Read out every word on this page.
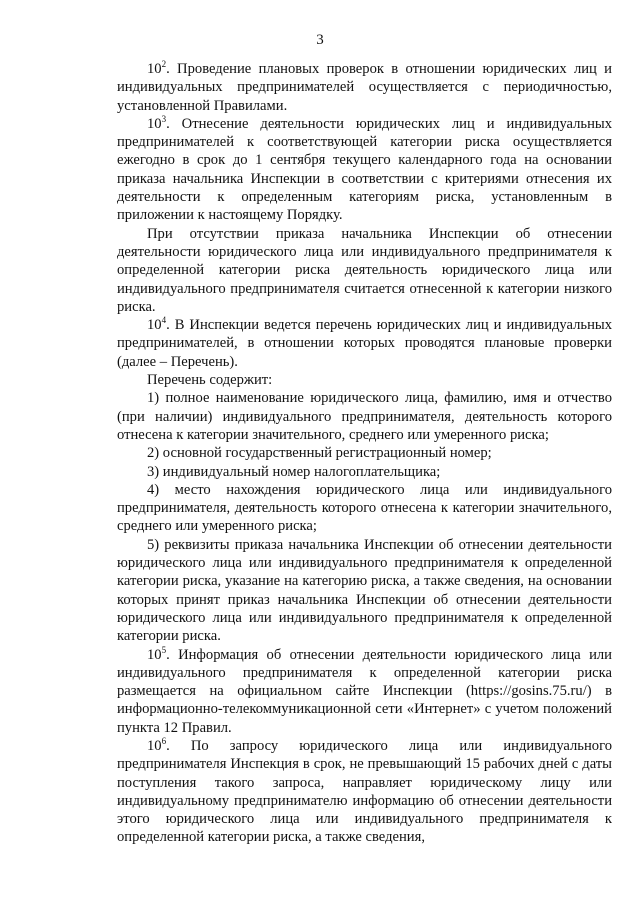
3

$10^2$. Проведение плановых проверок в отношении юридических лиц и индивидуальных предпринимателей осуществляется с периодичностью, установленной Правилами.

$10^3$. Отнесение деятельности юридических лиц и индивидуальных предпринимателей к соответствующей категории риска осуществляется ежегодно в срок до 1 сентября текущего календарного года на основании приказа начальника Инспекции в соответствии с критериями отнесения их деятельности к определенным категориям риска, установленным в приложении к настоящему Порядку.

При отсутствии приказа начальника Инспекции об отнесении деятельности юридического лица или индивидуального предпринимателя к определенной категории риска деятельность юридического лица или индивидуального предпринимателя считается отнесенной к категории низкого риска.

$10^4$. В Инспекции ведется перечень юридических лиц и индивидуальных предпринимателей, в отношении которых проводятся плановые проверки (далее – Перечень).

Перечень содержит:

1) полное наименование юридического лица, фамилию, имя и отчество (при наличии) индивидуального предпринимателя, деятельность которого отнесена к категории значительного, среднего или умеренного риска;

2) основной государственный регистрационный номер;

3) индивидуальный номер налогоплательщика;

4) место нахождения юридического лица или индивидуального предпринимателя, деятельность которого отнесена к категории значительного, среднего или умеренного риска;

5) реквизиты приказа начальника Инспекции об отнесении деятельности юридического лица или индивидуального предпринимателя к определенной категории риска, указание на категорию риска, а также сведения, на основании которых принят приказ начальника Инспекции об отнесении деятельности юридического лица или индивидуального предпринимателя к определенной категории риска.

$10^5$. Информация об отнесении деятельности юридического лица или индивидуального предпринимателя к определенной категории риска размещается на официальном сайте Инспекции (https://gosins.75.ru/) в информационно-телекоммуникационной сети «Интернет» с учетом положений пункта 12 Правил.

$10^6$. По запросу юридического лица или индивидуального предпринимателя Инспекция в срок, не превышающий 15 рабочих дней с даты поступления такого запроса, направляет юридическому лицу или индивидуальному предпринимателю информацию об отнесении деятельности этого юридического лица или индивидуального предпринимателя к определенной категории риска, а также сведения,
